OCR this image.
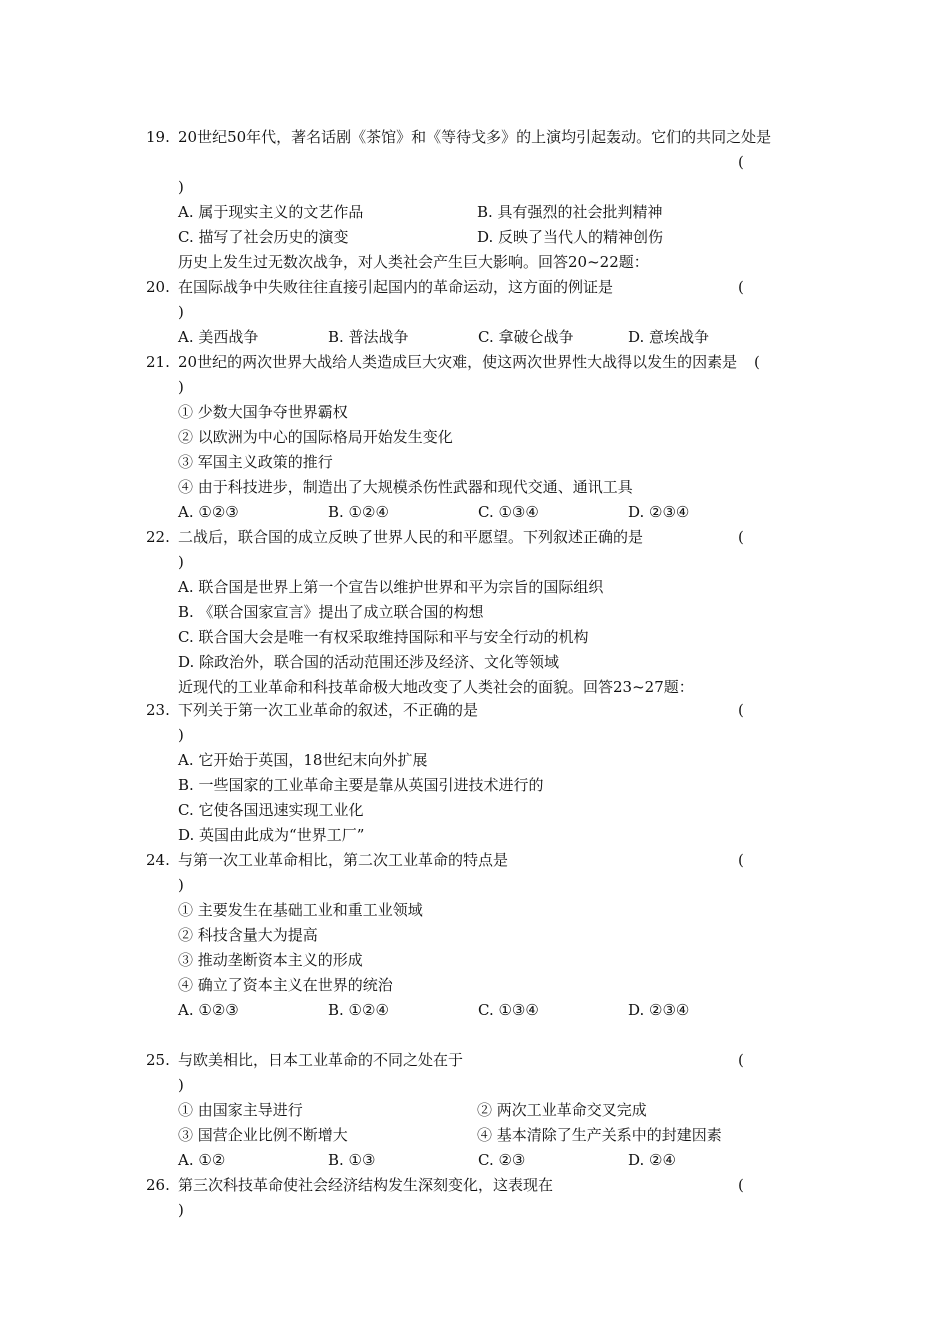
19. 20世纪50年代，著名话剧《茶馆》和《等待戈多》的上演均引起轰动。它们的共同之处是
(
)
A. 属于现实主义的文艺作品	B. 具有强烈的社会批判精神
C. 描写了社会历史的演变	D. 反映了当代人的精神创伤
历史上发生过无数次战争，对人类社会产生巨大影响。回答20~22题：
20. 在国际战争中失败往往直接引起国内的革命运动，这方面的例证是	(
)
A. 美西战争	B. 普法战争	C. 拿破仑战争	D. 意埃战争
21. 20世纪的两次世界大战给人类造成巨大灾难，使这两次世界性大战得以发生的因素是 (
)
① 少数大国争夺世界霸权
② 以欧洲为中心的国际格局开始发生变化
③ 军国主义政策的推行
④ 由于科技进步，制造出了大规模杀伤性武器和现代交通、通讯工具
A. ①②③	B. ①②④	C. ①③④	D. ②③④
22. 二战后，联合国的成立反映了世界人民的和平愿望。下列叙述正确的是	(
)
A. 联合国是世界上第一个宣告以维护世界和平为宗旨的国际组织
B. 《联合国家宣言》提出了成立联合国的构想
C. 联合国大会是唯一有权采取维持国际和平与安全行动的机构
D. 除政治外，联合国的活动范围还涉及经济、文化等领域
近现代的工业革命和科技革命极大地改变了人类社会的面貌。回答23~27题：
23. 下列关于第一次工业革命的叙述，不正确的是	(
)
A. 它开始于英国，18世纪末向外扩展
B. 一些国家的工业革命主要是靠从英国引进技术进行的
C. 它使各国迅速实现工业化
D. 英国由此成为“世界工厂”
24. 与第一次工业革命相比，第二次工业革命的特点是	(
)
① 主要发生在基础工业和重工业领域
② 科技含量大为提高
③ 推动垄断资本主义的形成
④ 确立了资本主义在世界的统治
A. ①②③	B. ①②④	C. ①③④	D. ②③④
25. 与欧美相比，日本工业革命的不同之处在于	(
)
① 由国家主导进行	② 两次工业革命交叉完成
③ 国营企业比例不断增大	④ 基本清除了生产关系中的封建因素
A. ①②	B. ①③	C. ②③	D. ②④
26. 第三次科技革命使社会经济结构发生深刻变化，这表现在	(
)
